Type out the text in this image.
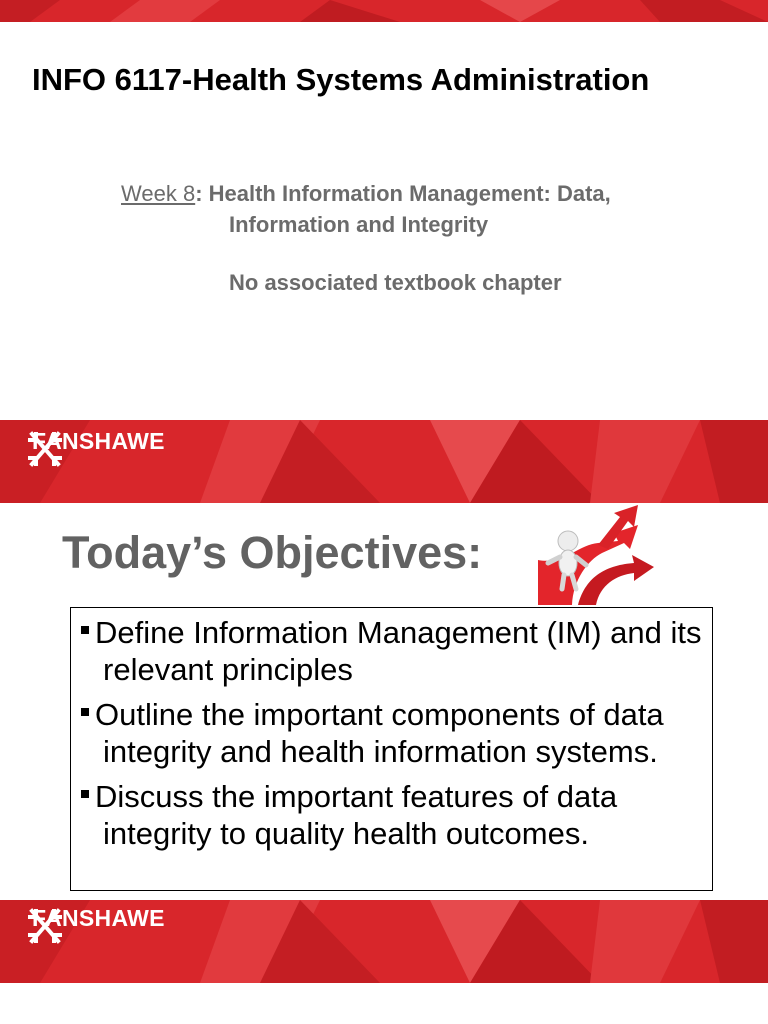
INFO 6117-Health Systems Administration

Week 8: Health Information Management: Data,
Information and Integrity

No associated textbook chapter

FANSHAWE
Today’s Objectives:
Define Information Management (IM) and its relevant principles
Outline the important components of data integrity and health information systems.
Discuss the important features of data integrity to quality health outcomes.
FANSHAWE
